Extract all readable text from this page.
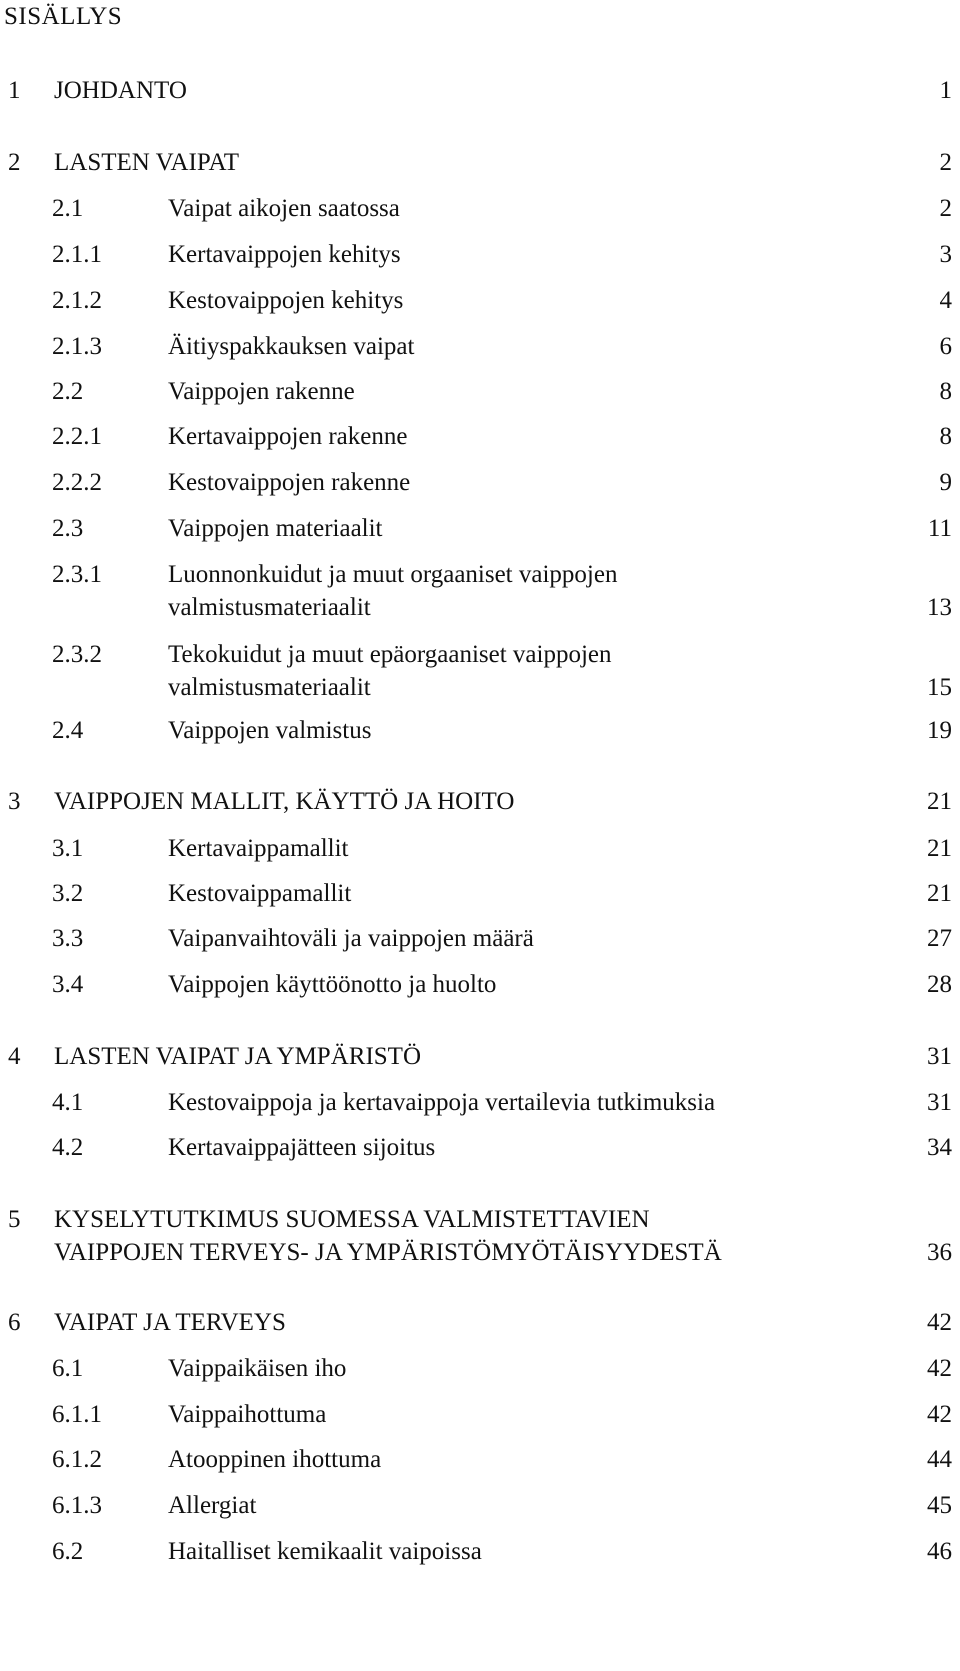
SISÄLLYS
1 JOHDANTO	1
2 LASTEN VAIPAT	2
2.1	Vaipat aikojen saatossa	2
2.1.1	Kertavaippojen kehitys	3
2.1.2	Kestovaippojen kehitys	4
2.1.3	Äitiyspakkauksen vaipat	6
2.2	Vaippojen rakenne	8
2.2.1	Kertavaippojen rakenne	8
2.2.2	Kestovaippojen rakenne	9
2.3	Vaippojen materiaalit	11
2.3.1	Luonnonkuidut ja muut orgaaniset vaippojen
valmistusmateriaalit	13
2.3.2	Tekokuidut ja muut epäorgaaniset vaippojen
valmistusmateriaalit	15
2.4	Vaippojen valmistus	19
3 VAIPPOJEN MALLIT, KÄYTTÖ JA HOITO	21
3.1	Kertavaippamallit	21
3.2	Kestovaippamallit	21
3.3	Vaipanvaihtoväli ja vaippojen määrä	27
3.4	Vaippojen käyttöönotto ja huolto	28
4 LASTEN VAIPAT JA YMPÄRISTÖ	31
4.1	Kestovaippoja ja kertavaippoja vertailevia tutkimuksia	31
4.2	Kertavaippajätteen sijoitus	34
5 KYSELYTUTKIMUS SUOMESSA VALMISTETTAVIEN
VAIPPOJEN TERVEYS- JA YMPÄRISTÖMYÖTÄISYYDESTÄ	36
6 VAIPAT JA TERVEYS	42
6.1	Vaippaikäisen iho	42
6.1.1	Vaippaihottuma	42
6.1.2	Atooppinen ihottuma	44
6.1.3	Allergiat	45
6.2	Haitalliset kemikaalit vaipoissa	46
